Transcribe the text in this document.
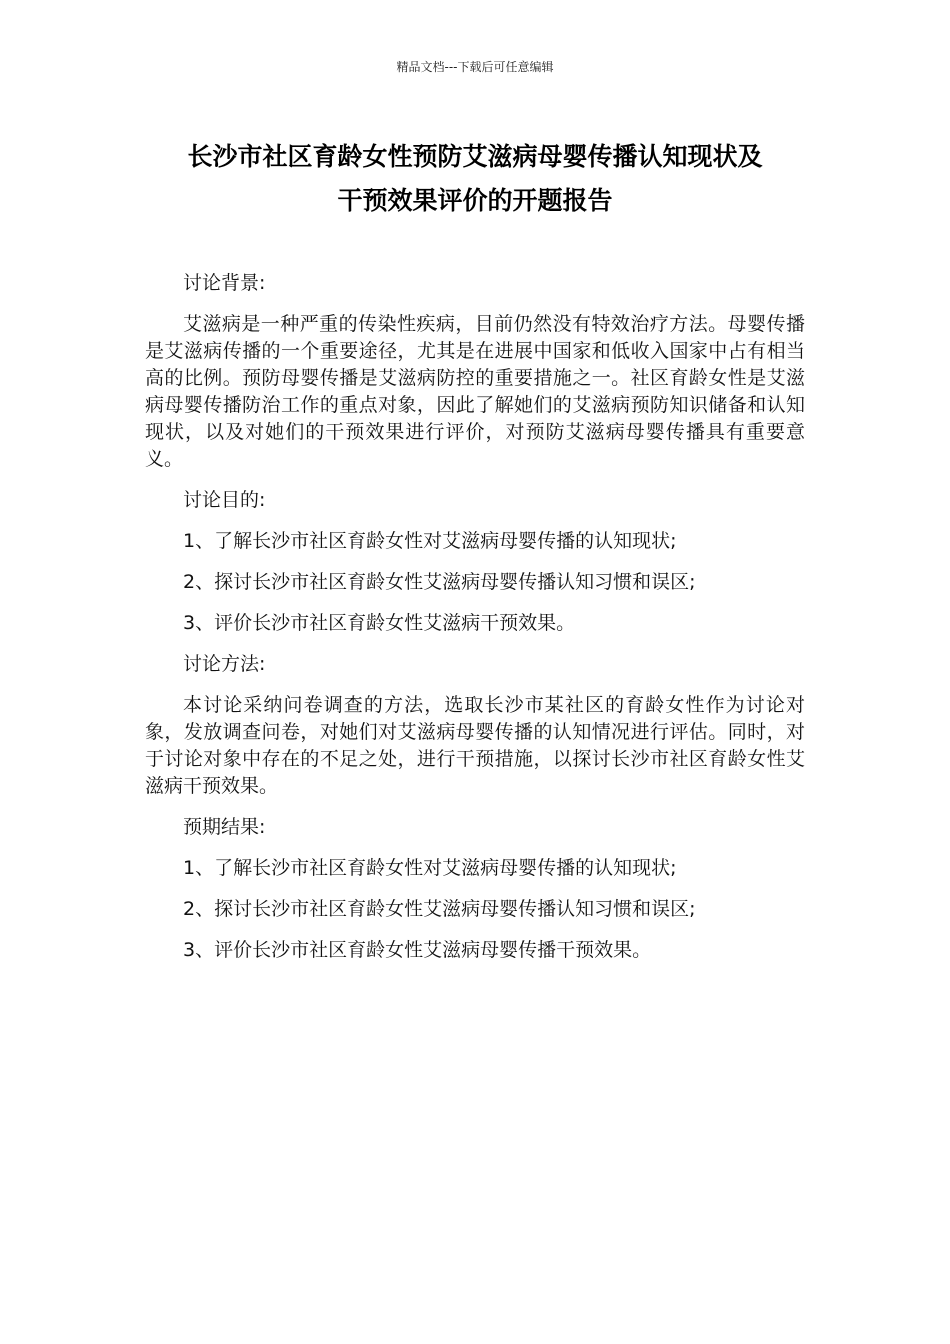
精品文档---下载后可任意编辑
长沙市社区育龄女性预防艾滋病母婴传播认知现状及
干预效果评价的开题报告

讨论背景:

艾滋病是一种严重的传染性疾病，目前仍然没有特效治疗方法。母婴传播是艾滋病传播的一个重要途径，尤其是在进展中国家和低收入国家中占有相当高的比例。预防母婴传播是艾滋病防控的重要措施之一。社区育龄女性是艾滋病母婴传播防治工作的重点对象，因此了解她们的艾滋病预防知识储备和认知现状，以及对她们的干预效果进行评价，对预防艾滋病母婴传播具有重要意义。

讨论目的:

1、了解长沙市社区育龄女性对艾滋病母婴传播的认知现状;

2、探讨长沙市社区育龄女性艾滋病母婴传播认知习惯和误区;

3、评价长沙市社区育龄女性艾滋病干预效果。

讨论方法:

本讨论采纳问卷调查的方法，选取长沙市某社区的育龄女性作为讨论对象，发放调查问卷，对她们对艾滋病母婴传播的认知情况进行评估。同时，对于讨论对象中存在的不足之处，进行干预措施，以探讨长沙市社区育龄女性艾滋病干预效果。

预期结果:

1、了解长沙市社区育龄女性对艾滋病母婴传播的认知现状;

2、探讨长沙市社区育龄女性艾滋病母婴传播认知习惯和误区;

3、评价长沙市社区育龄女性艾滋病母婴传播干预效果。
